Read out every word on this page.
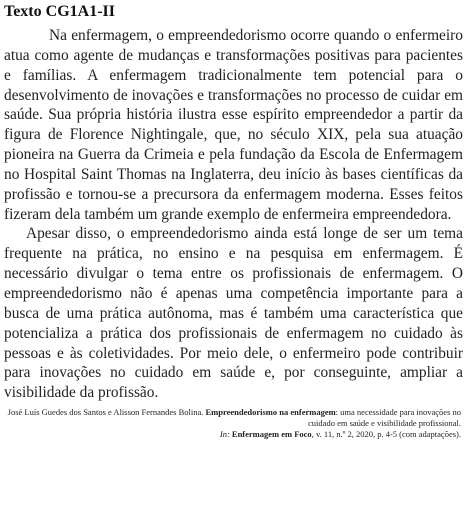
Texto CG1A1-II

Na enfermagem, o empreendedorismo ocorre quando o enfermeiro atua como agente de mudanças e transformações positivas para pacientes e famílias. A enfermagem tradicionalmente tem potencial para o desenvolvimento de inovações e transformações no processo de cuidar em saúde. Sua própria história ilustra esse espírito empreendedor a partir da figura de Florence Nightingale, que, no século XIX, pela sua atuação pioneira na Guerra da Crimeia e pela fundação da Escola de Enfermagem no Hospital Saint Thomas na Inglaterra, deu início às bases científicas da profissão e tornou-se a precursora da enfermagem moderna. Esses feitos fizeram dela também um grande exemplo de enfermeira empreendedora.

Apesar disso, o empreendedorismo ainda está longe de ser um tema frequente na prática, no ensino e na pesquisa em enfermagem. É necessário divulgar o tema entre os profissionais de enfermagem. O empreendedorismo não é apenas uma competência importante para a busca de uma prática autônoma, mas é também uma característica que potencializa a prática dos profissionais de enfermagem no cuidado às pessoas e às coletividades. Por meio dele, o enfermeiro pode contribuir para inovações no cuidado em saúde e, por conseguinte, ampliar a visibilidade da profissão.

José Luís Guedes dos Santos e Alisson Fernandes Bolina. Empreendedorismo na enfermagem: uma necessidade para inovações no cuidado em saúde e visibilidade profissional.
In: Enfermagem em Foco, v. 11, n.º 2, 2020, p. 4-5 (com adaptações).
